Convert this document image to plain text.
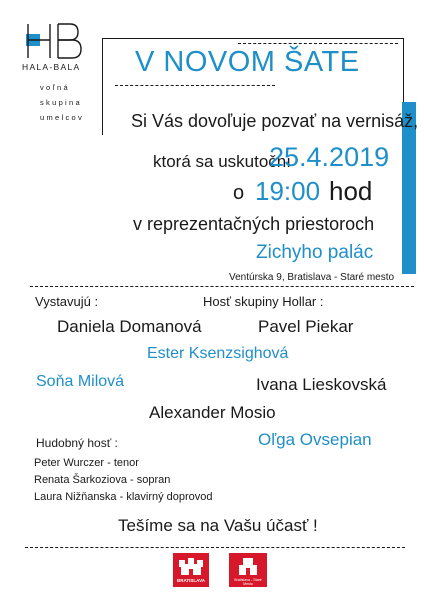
HALA-BALA
voľná
skupina
umelcov
V NOVOM ŠATE
Si Vás dovoľuje pozvať na vernisáž,
ktorá sa uskutoční
25.4.2019
o 19:00 hod
v reprezentačných priestoroch
Zichyho palác
Ventúrska 9, Bratislava - Staré mesto
Vystavujú :	Hosť skupiny Hollar :
Daniela Domanová	Pavel Piekar
Ester Ksenzsighová
Soňa Milová	Ivana Lieskovská
Alexander Mosio
Oľga Ovsepian
Hudobný hosť :
Peter Wurczer - tenor
Renata Šarkoziova - sopran
Laura Nižňanska - klavirný doprovod
Tešíme sa na Vašu účasť !
BRATISLAVA	Bratislava - Staré Mesto
